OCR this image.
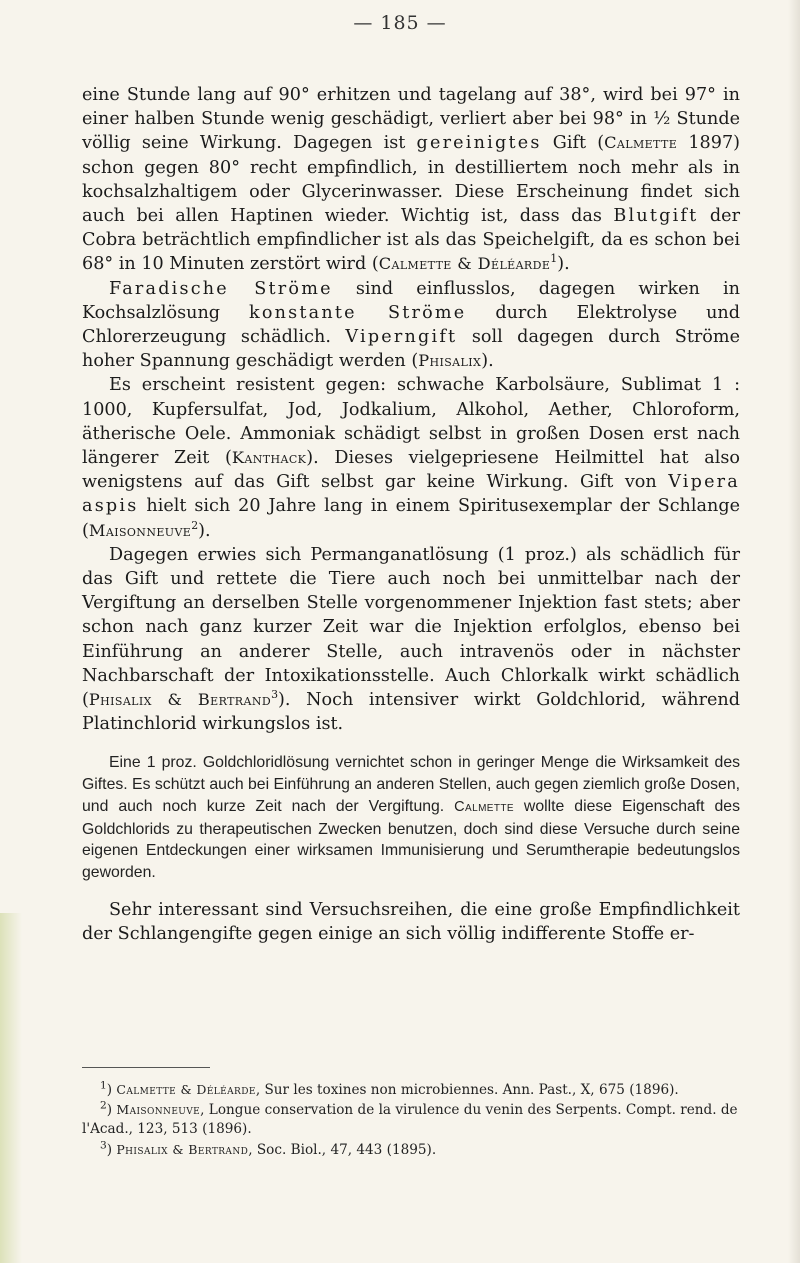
— 185 —

eine Stunde lang auf 90° erhitzen und tagelang auf 38°, wird bei 97° in einer halben Stunde wenig geschädigt, verliert aber bei 98° in ½ Stunde völlig seine Wirkung. Dagegen ist gereinigtes Gift (Calmette 1897) schon gegen 80° recht empfindlich, in destilliertem noch mehr als in kochsalzhaltigem oder Glycerinwasser. Diese Erscheinung findet sich auch bei allen Haptinen wieder. Wichtig ist, dass das Blutgift der Cobra beträchtlich empfindlicher ist als das Speichelgift, da es schon bei 68° in 10 Minuten zerstört wird (Calmette & Déléarde$^1$).

Faradische Ströme sind einflusslos, dagegen wirken in Kochsalzlösung konstante Ströme durch Elektrolyse und Chlorerzeugung schädlich. Viperngift soll dagegen durch Ströme hoher Spannung geschädigt werden (Phisalix).

Es erscheint resistent gegen: schwache Karbolsäure, Sublimat 1 : 1000, Kupfersulfat, Jod, Jodkalium, Alkohol, Aether, Chloroform, ätherische Oele. Ammoniak schädigt selbst in großen Dosen erst nach längerer Zeit (Kanthack). Dieses vielgepriesene Heilmittel hat also wenigstens auf das Gift selbst gar keine Wirkung. Gift von Vipera aspis hielt sich 20 Jahre lang in einem Spiritusexemplar der Schlange (Maisonneuve$^2$).

Dagegen erwies sich Permanganatlösung (1 proz.) als schädlich für das Gift und rettete die Tiere auch noch bei unmittelbar nach der Vergiftung an derselben Stelle vorgenommener Injektion fast stets; aber schon nach ganz kurzer Zeit war die Injektion erfolglos, ebenso bei Einführung an anderer Stelle, auch intravenös oder in nächster Nachbarschaft der Intoxikationsstelle. Auch Chlorkalk wirkt schädlich (Phisalix & Bertrand$^3$). Noch intensiver wirkt Goldchlorid, während Platinchlorid wirkungslos ist.

Eine 1 proz. Goldchloridlösung vernichtet schon in geringer Menge die Wirksamkeit des Giftes. Es schützt auch bei Einführung an anderen Stellen, auch gegen ziemlich große Dosen, und auch noch kurze Zeit nach der Vergiftung. Calmette wollte diese Eigenschaft des Goldchlorids zu therapeutischen Zwecken benutzen, doch sind diese Versuche durch seine eigenen Entdeckungen einer wirksamen Immunisierung und Serumtherapie bedeutungslos geworden.

Sehr interessant sind Versuchsreihen, die eine große Empfindlichkeit der Schlangengifte gegen einige an sich völlig indifferente Stoffe er-

$^1$) Calmette & Déléarde, Sur les toxines non microbiennes. Ann. Past., X, 675 (1896).

$^2$) Maisonneuve, Longue conservation de la virulence du venin des Serpents. Compt. rend. de l'Acad., 123, 513 (1896).

$^3$) Phisalix & Bertrand, Soc. Biol., 47, 443 (1895).
